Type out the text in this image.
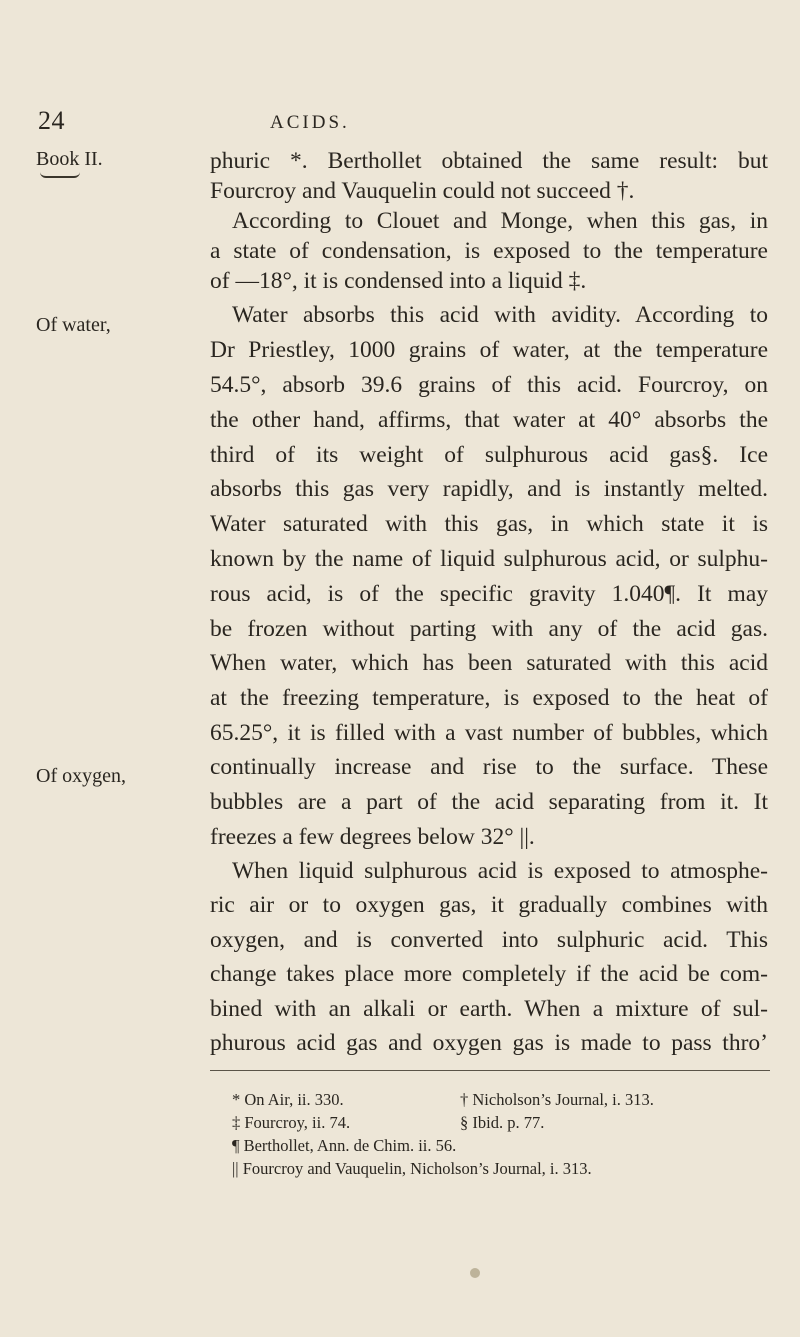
24	ACIDS.
Book II.
Of water,
Of oxygen,
phuric *. Berthollet obtained the same result: but
Fourcroy and Vauquelin could not succeed †.
According to Clouet and Monge, when this gas, in
a state of condensation, is exposed to the temperature
of —18°, it is condensed into a liquid ‡.
Water absorbs this acid with avidity. According to
Dr Priestley, 1000 grains of water, at the temperature
54.5°, absorb 39.6 grains of this acid. Fourcroy, on
the other hand, affirms, that water at 40° absorbs the
third of its weight of sulphurous acid gas§. Ice
absorbs this gas very rapidly, and is instantly melted.
Water saturated with this gas, in which state it is
known by the name of liquid sulphurous acid, or sulphu-
rous acid, is of the specific gravity 1.040¶. It may
be frozen without parting with any of the acid gas.
When water, which has been saturated with this acid
at the freezing temperature, is exposed to the heat of
65.25°, it is filled with a vast number of bubbles, which
continually increase and rise to the surface. These
bubbles are a part of the acid separating from it. It
freezes a few degrees below 32° ||.
When liquid sulphurous acid is exposed to atmosphe-
ric air or to oxygen gas, it gradually combines with
oxygen, and is converted into sulphuric acid. This
change takes place more completely if the acid be com-
bined with an alkali or earth. When a mixture of sul-
phurous acid gas and oxygen gas is made to pass thro’
* On Air, ii. 330.	† Nicholson’s Journal, i. 313.
‡ Fourcroy, ii. 74.	§ Ibid. p. 77.
¶ Berthollet, Ann. de Chim. ii. 56.
|| Fourcroy and Vauquelin, Nicholson’s Journal, i. 313.
